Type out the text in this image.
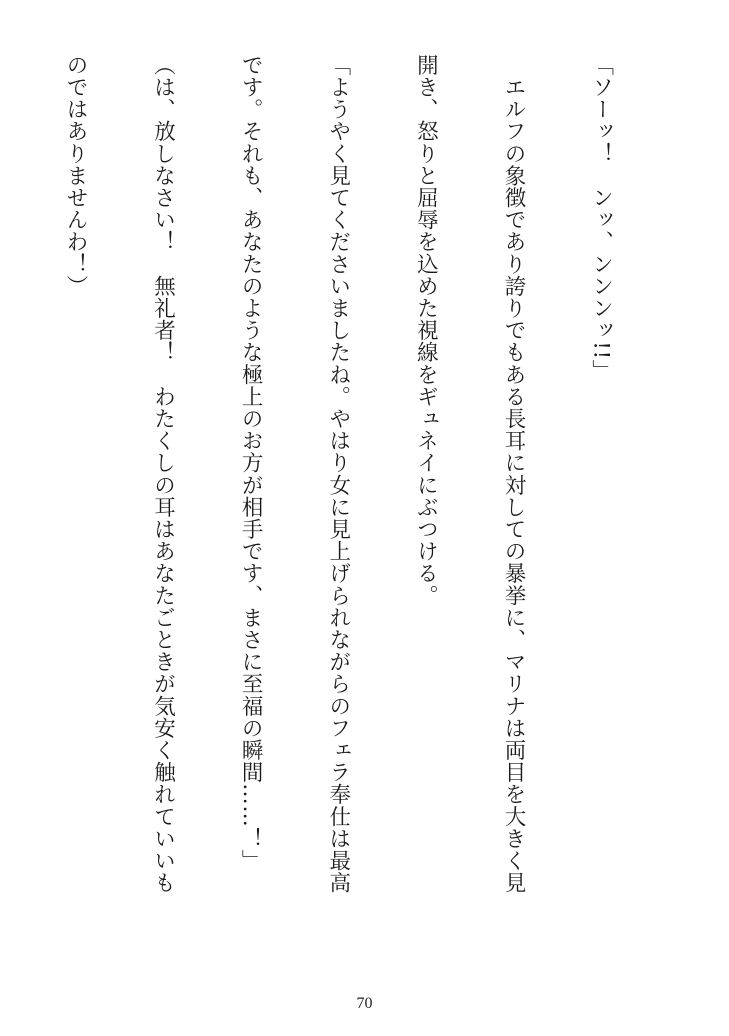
「ソーッ！　ンッ、ンンンッ!!」

　エルフの象徴であり誇りでもある長耳に対しての暴挙に、マリナは両目を大きく見

開き、怒りと屈辱を込めた視線をギュネイにぶつける。

「ようやく見てくださいましたね。やはり女に見上げられながらのフェラ奉仕は最高

です。それも、あなたのような極上のお方が相手です、まさに至福の瞬間……！」

（は、放しなさい！　無礼者！　わたくしの耳はあなたごときが気安く触れていいも

のではありませんわ！）

70
